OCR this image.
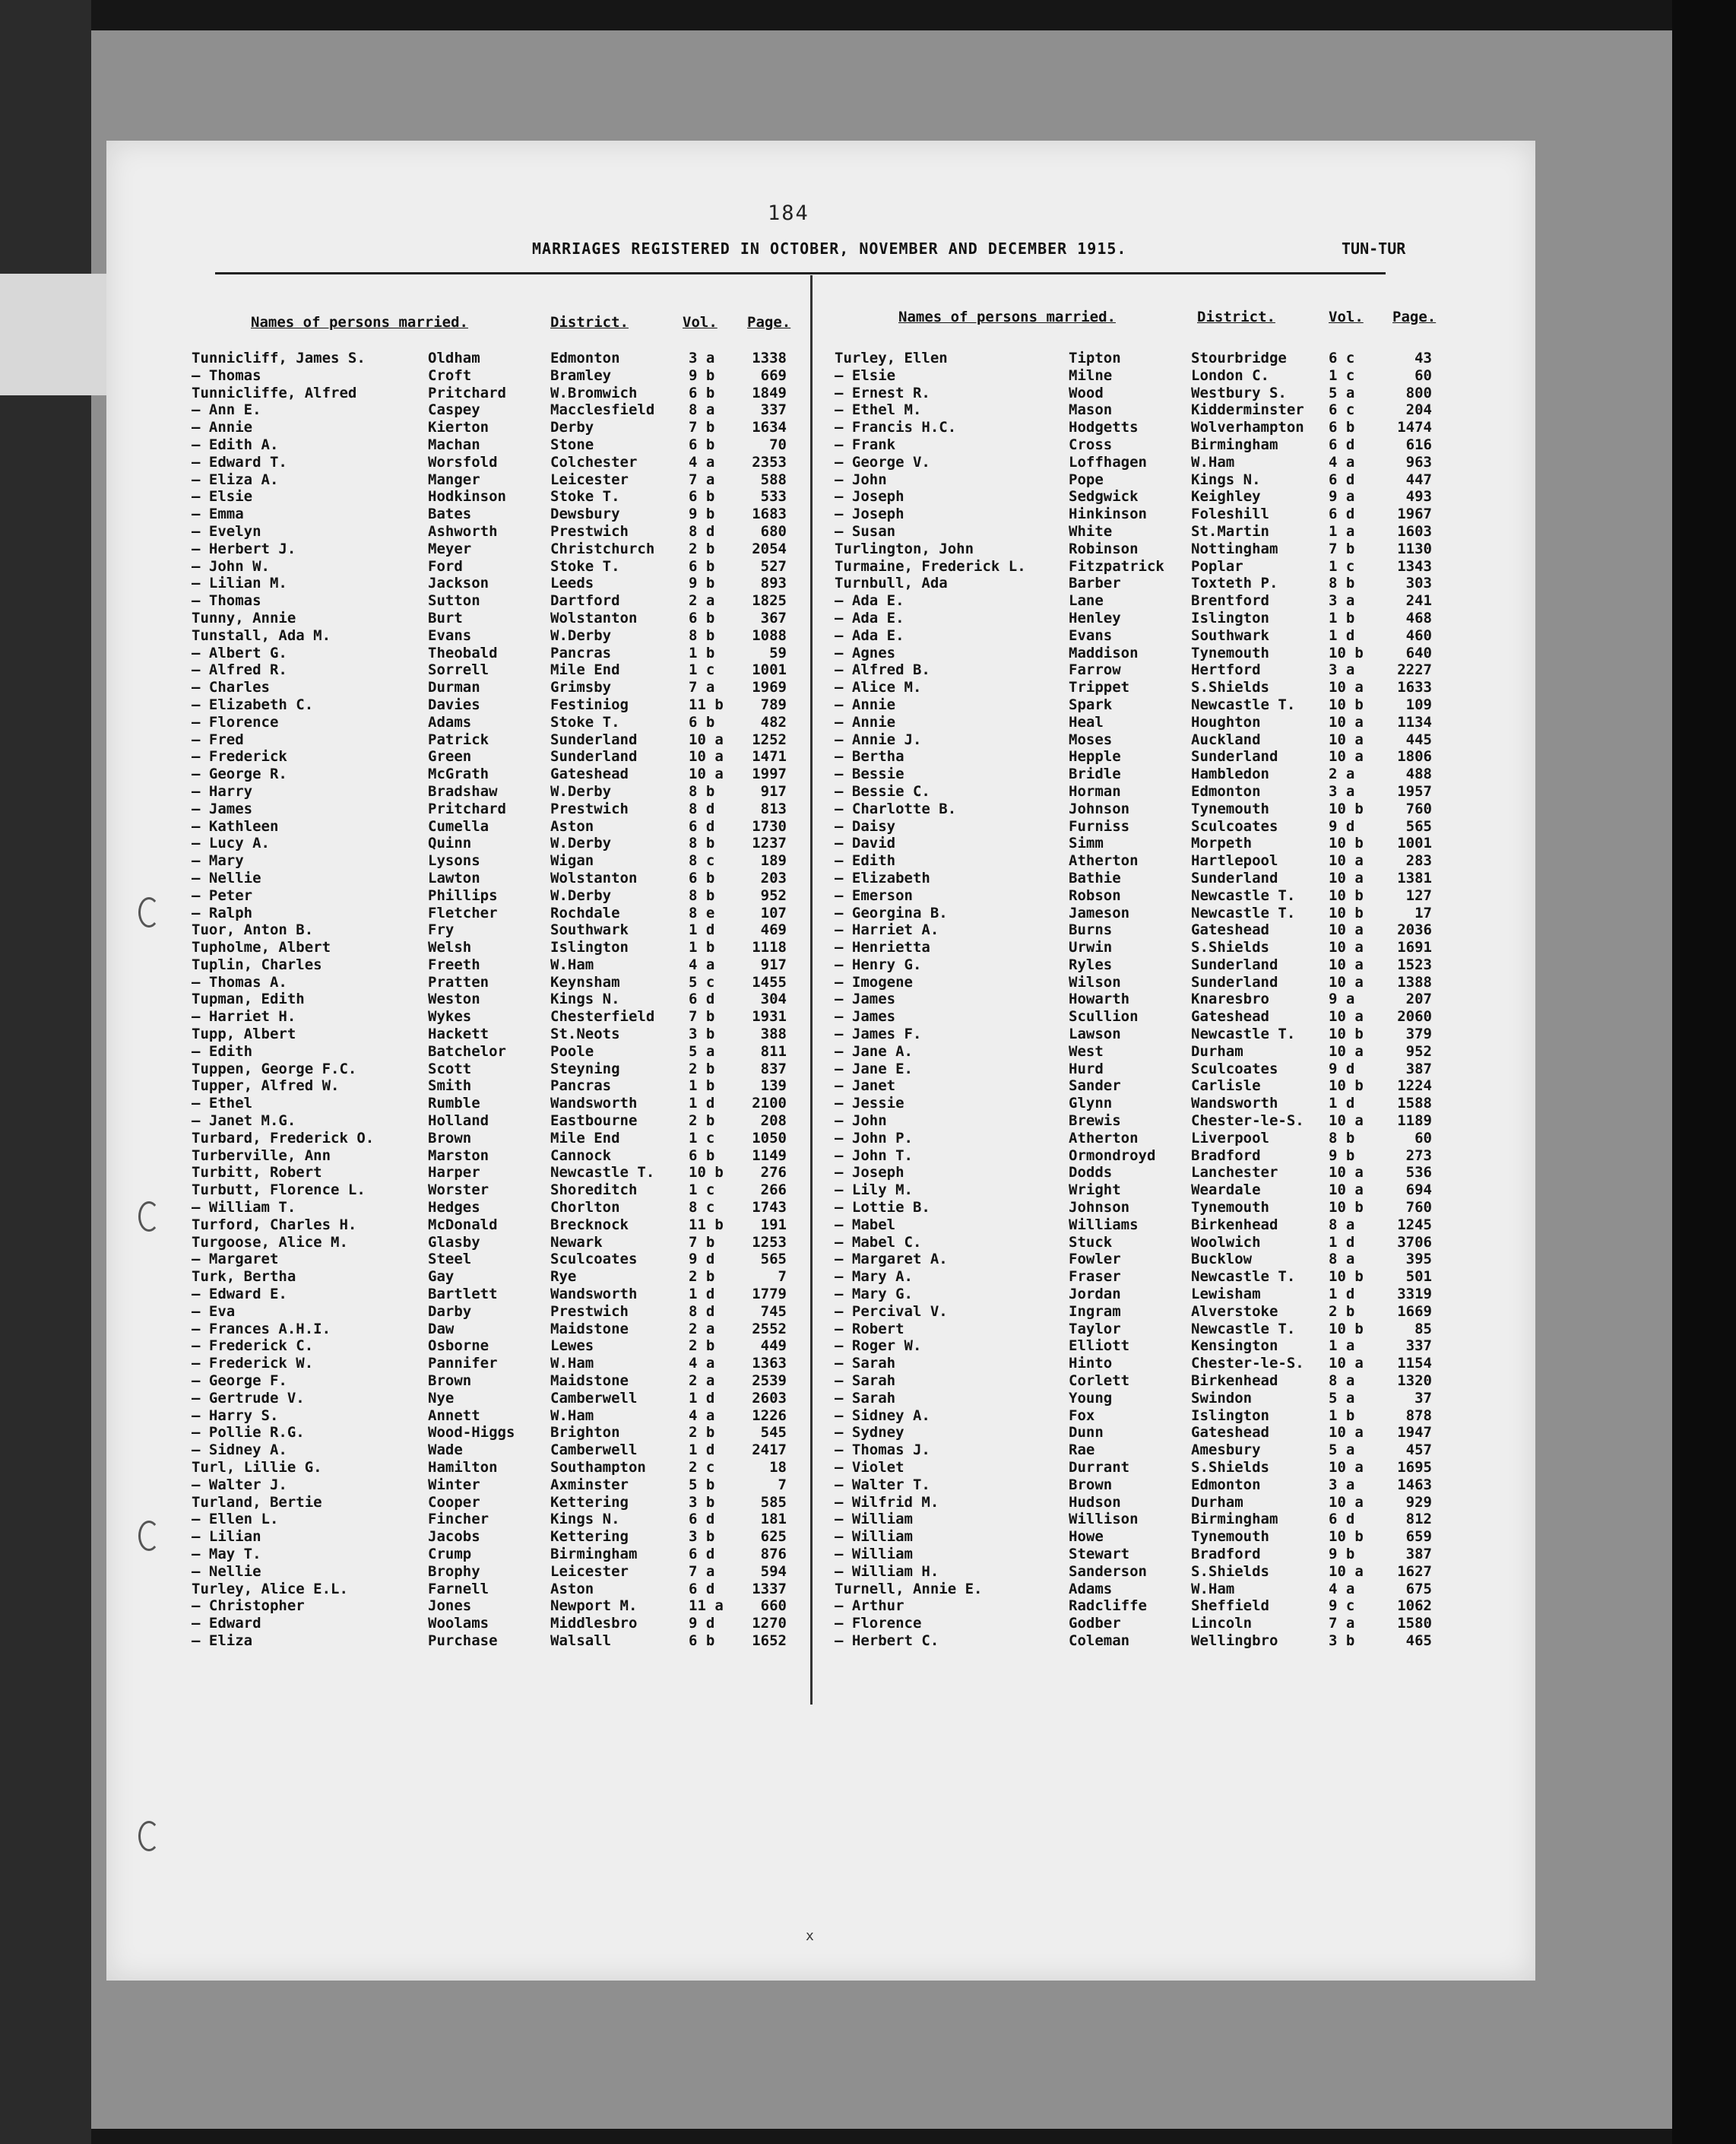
184
MARRIAGES REGISTERED IN OCTOBER, NOVEMBER AND DECEMBER 1915.	TUN-TUR
Names of persons married.	District.	Vol. Page.	Names of persons married.	District.	Vol. Page.
Tunnicliff, James S.	Oldham	Edmonton	3 a	1338
— Thomas	Croft	Bramley	9 b	669
Tunnicliffe, Alfred	Pritchard	W.Bromwich	6 b	1849
— Ann E.	Caspey	Macclesfield 8 a	337
— Annie	Kierton	Derby	7 b	1634
— Edith A.	Machan	Stone	6 b	70
— Edward T.	Worsfold	Colchester	4 a	2353
— Eliza A.	Manger	Leicester	7 a	588
— Elsie	Hodkinson	Stoke T.	6 b	533
— Emma	Bates	Dewsbury	9 b	1683
— Evelyn	Ashworth	Prestwich	8 d	680
— Herbert J.	Meyer	Christchurch 2 b	2054
— John W.	Ford	Stoke T.	6 b	527
— Lilian M.	Jackson	Leeds	9 b	893
— Thomas	Sutton	Dartford	2 a	1825
Tunny, Annie	Burt	Wolstanton	6 b	367
Tunstall, Ada M.	Evans	W.Derby	8 b	1088
— Albert G.	Theobald	Pancras	1 b	59
— Alfred R.	Sorrell	Mile End	1 c	1001
— Charles	Durman	Grimsby	7 a	1969
— Elizabeth C.	Davies	Festiniog	11 b	789
— Florence	Adams	Stoke T.	6 b	482
— Fred	Patrick	Sunderland	10 a	1252
— Frederick	Green	Sunderland	10 a	1471
— George R.	McGrath	Gateshead	10 a	1997
— Harry	Bradshaw	W.Derby	8 b	917
— James	Pritchard	Prestwich	8 d	813
— Kathleen	Cumella	Aston	6 d	1730
— Lucy A.	Quinn	W.Derby	8 b	1237
— Mary	Lysons	Wigan	8 c	189
— Nellie	Lawton	Wolstanton	6 b	203
— Peter	Phillips	W.Derby	8 b	952
— Ralph	Fletcher	Rochdale	8 e	107
Tuor, Anton B.	Fry	Southwark	1 d	469
Tupholme, Albert	Welsh	Islington	1 b	1118
Tuplin, Charles	Freeth	W.Ham	4 a	917
— Thomas A.	Pratten	Keynsham	5 c	1455
Tupman, Edith	Weston	Kings N.	6 d	304
— Harriet H.	Wykes	Chesterfield 7 b	1931
Tupp, Albert	Hackett	St.Neots	3 b	388
— Edith	Batchelor	Poole	5 a	811
Tuppen, George F.C.	Scott	Steyning	2 b	837
Tupper, Alfred W.	Smith	Pancras	1 b	139
— Ethel	Rumble	Wandsworth	1 d	2100
— Janet M.G.	Holland	Eastbourne	2 b	208
Turbard, Frederick O.	Brown	Mile End	1 c	1050
Turberville, Ann	Marston	Cannock	6 b	1149
Turbitt, Robert	Harper	Newcastle T. 10 b	276
Turbutt, Florence L.	Worster	Shoreditch	1 c	266
— William T.	Hedges	Chorlton	8 c	1743
Turford, Charles H.	McDonald	Brecknock	11 b	191
Turgoose, Alice M.	Glasby	Newark	7 b	1253
— Margaret	Steel	Sculcoates	9 d	565
Turk, Bertha	Gay	Rye	2 b	7
— Edward E.	Bartlett	Wandsworth	1 d	1779
— Eva	Darby	Prestwich	8 d	745
— Frances A.H.I.	Daw	Maidstone	2 a	2552
— Frederick C.	Osborne	Lewes	2 b	449
— Frederick W.	Pannifer	W.Ham	4 a	1363
— George F.	Brown	Maidstone	2 a	2539
— Gertrude V.	Nye	Camberwell	1 d	2603
— Harry S.	Annett	W.Ham	4 a	1226
— Pollie R.G.	Wood-Higgs Brighton	2 b	545
— Sidney A.	Wade	Camberwell	1 d	2417
Turl, Lillie G.	Hamilton	Southampton	2 c	18
— Walter J.	Winter	Axminster	5 b	7
Turland, Bertie	Cooper	Kettering	3 b	585
— Ellen L.	Fincher	Kings N.	6 d	181
— Lilian	Jacobs	Kettering	3 b	625
— May T.	Crump	Birmingham	6 d	876
— Nellie	Brophy	Leicester	7 a	594
Turley, Alice E.L.	Farnell	Aston	6 d	1337
— Christopher	Jones	Newport M.	11 a	660
— Edward	Woolams	Middlesbro	9 d	1270
— Eliza	Purchase	Walsall	6 b	1652
Turley, Ellen	Tipton	Stourbridge	6 c	43
— Elsie	Milne	London C.	1 c	60
— Ernest R.	Wood	Westbury S.	5 a	800
— Ethel M.	Mason	Kidderminster 6 c	204
— Francis H.C.	Hodgetts	Wolverhampton 6 b	1474
— Frank	Cross	Birmingham	6 d	616
— George V.	Loffhagen	W.Ham	4 a	963
— John	Pope	Kings N.	6 d	447
— Joseph	Sedgwick	Keighley	9 a	493
— Joseph	Hinkinson	Foleshill	6 d	1967
— Susan	White	St.Martin	1 a	1603
Turlington, John	Robinson	Nottingham	7 b	1130
Turmaine, Frederick L.	Fitzpatrick Poplar	1 c	1343
Turnbull, Ada	Barber	Toxteth P.	8 b	303
— Ada E.	Lane	Brentford	3 a	241
— Ada E.	Henley	Islington	1 b	468
— Ada E.	Evans	Southwark	1 d	460
— Agnes	Maddison	Tynemouth	10 b	640
— Alfred B.	Farrow	Hertford	3 a	2227
— Alice M.	Trippet	S.Shields	10 a	1633
— Annie	Spark	Newcastle T. 10 b	109
— Annie	Heal	Houghton	10 a	1134
— Annie J.	Moses	Auckland	10 a	445
— Bertha	Hepple	Sunderland	10 a	1806
— Bessie	Bridle	Hambledon	2 a	488
— Bessie C.	Horman	Edmonton	3 a	1957
— Charlotte B.	Johnson	Tynemouth	10 b	760
— Daisy	Furniss	Sculcoates	9 d	565
— David	Simm	Morpeth	10 b	1001
— Edith	Atherton	Hartlepool	10 a	283
— Elizabeth	Bathie	Sunderland	10 a	1381
— Emerson	Robson	Newcastle T. 10 b	127
— Georgina B.	Jameson	Newcastle T. 10 b	17
— Harriet A.	Burns	Gateshead	10 a	2036
— Henrietta	Urwin	S.Shields	10 a	1691
— Henry G.	Ryles	Sunderland	10 a	1523
— Imogene	Wilson	Sunderland	10 a	1388
— James	Howarth	Knaresbro	9 a	207
— James	Scullion	Gateshead	10 a	2060
— James F.	Lawson	Newcastle T. 10 b	379
— Jane A.	West	Durham	10 a	952
— Jane E.	Hurd	Sculcoates	9 d	387
— Janet	Sander	Carlisle	10 b	1224
— Jessie	Glynn	Wandsworth	1 d	1588
— John	Brewis	Chester-le-S. 10 a	1189
— John P.	Atherton	Liverpool	8 b	60
— John T.	Ormondroyd Bradford	9 b	273
— Joseph	Dodds	Lanchester	10 a	536
— Lily M.	Wright	Weardale	10 a	694
— Lottie B.	Johnson	Tynemouth	10 b	760
— Mabel	Williams	Birkenhead	8 a	1245
— Mabel C.	Stuck	Woolwich	1 d	3706
— Margaret A.	Fowler	Bucklow	8 a	395
— Mary A.	Fraser	Newcastle T. 10 b	501
— Mary G.	Jordan	Lewisham	1 d	3319
— Percival V.	Ingram	Alverstoke	2 b	1669
— Robert	Taylor	Newcastle T. 10 b	85
— Roger W.	Elliott	Kensington	1 a	337
— Sarah	Hinto	Chester-le-S. 10 a	1154
— Sarah	Corlett	Birkenhead	8 a	1320
— Sarah	Young	Swindon	5 a	37
— Sidney A.	Fox	Islington	1 b	878
— Sydney	Dunn	Gateshead	10 a	1947
— Thomas J.	Rae	Amesbury	5 a	457
— Violet	Durrant	S.Shields	10 a	1695
— Walter T.	Brown	Edmonton	3 a	1463
— Wilfrid M.	Hudson	Durham	10 a	929
— William	Willison	Birmingham	6 d	812
— William	Howe	Tynemouth	10 b	659
— William	Stewart	Bradford	9 b	387
— William H.	Sanderson	S.Shields	10 a	1627
Turnell, Annie E.	Adams	W.Ham	4 a	675
— Arthur	Radcliffe	Sheffield	9 c	1062
— Florence	Godber	Lincoln	7 a	1580
— Herbert C.	Coleman	Wellingbro	3 b	465
x
